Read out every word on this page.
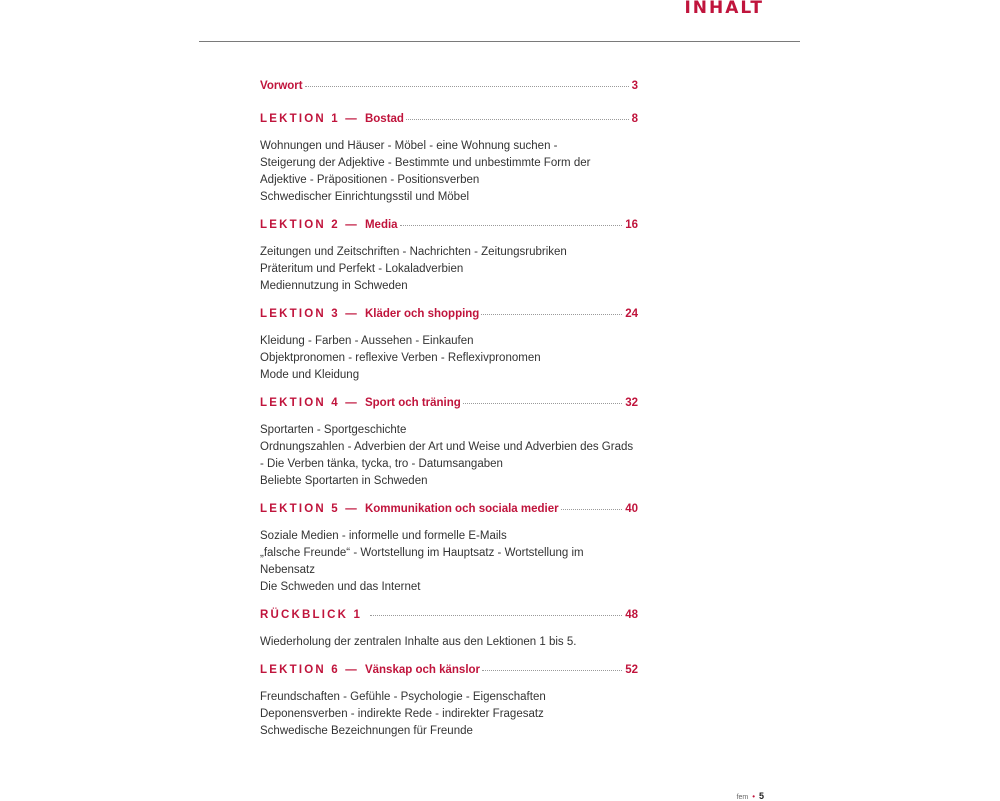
INHALT
Vorwort	3
LEKTION 1 — Bostad	8
Wohnungen und Häuser - Möbel - eine Wohnung suchen -
Steigerung der Adjektive - Bestimmte und unbestimmte Form der
Adjektive - Präpositionen - Positionsverben
Schwedischer Einrichtungsstil und Möbel
LEKTION 2 — Media	16
Zeitungen und Zeitschriften - Nachrichten - Zeitungsrubriken
Präteritum und Perfekt - Lokaladverbien
Mediennutzung in Schweden
LEKTION 3 — Kläder och shopping	24
Kleidung - Farben - Aussehen - Einkaufen
Objektpronomen - reflexive Verben - Reflexivpronomen
Mode und Kleidung
LEKTION 4 — Sport och träning	32
Sportarten - Sportgeschichte
Ordnungszahlen - Adverbien der Art und Weise und Adverbien des Grads
- Die Verben tänka, tycka, tro - Datumsangaben
Beliebte Sportarten in Schweden
LEKTION 5 — Kommunikation och sociala medier	40
Soziale Medien - informelle und formelle E-Mails
„falsche Freunde“ - Wortstellung im Hauptsatz - Wortstellung im
Nebensatz
Die Schweden und das Internet
RÜCKBLICK 1	48
Wiederholung der zentralen Inhalte aus den Lektionen 1 bis 5.
LEKTION 6 — Vänskap och känslor	52
Freundschaften - Gefühle - Psychologie - Eigenschaften
Deponensverben - indirekte Rede - indirekter Fragesatz
Schwedische Bezeichnungen für Freunde
fem • 5
